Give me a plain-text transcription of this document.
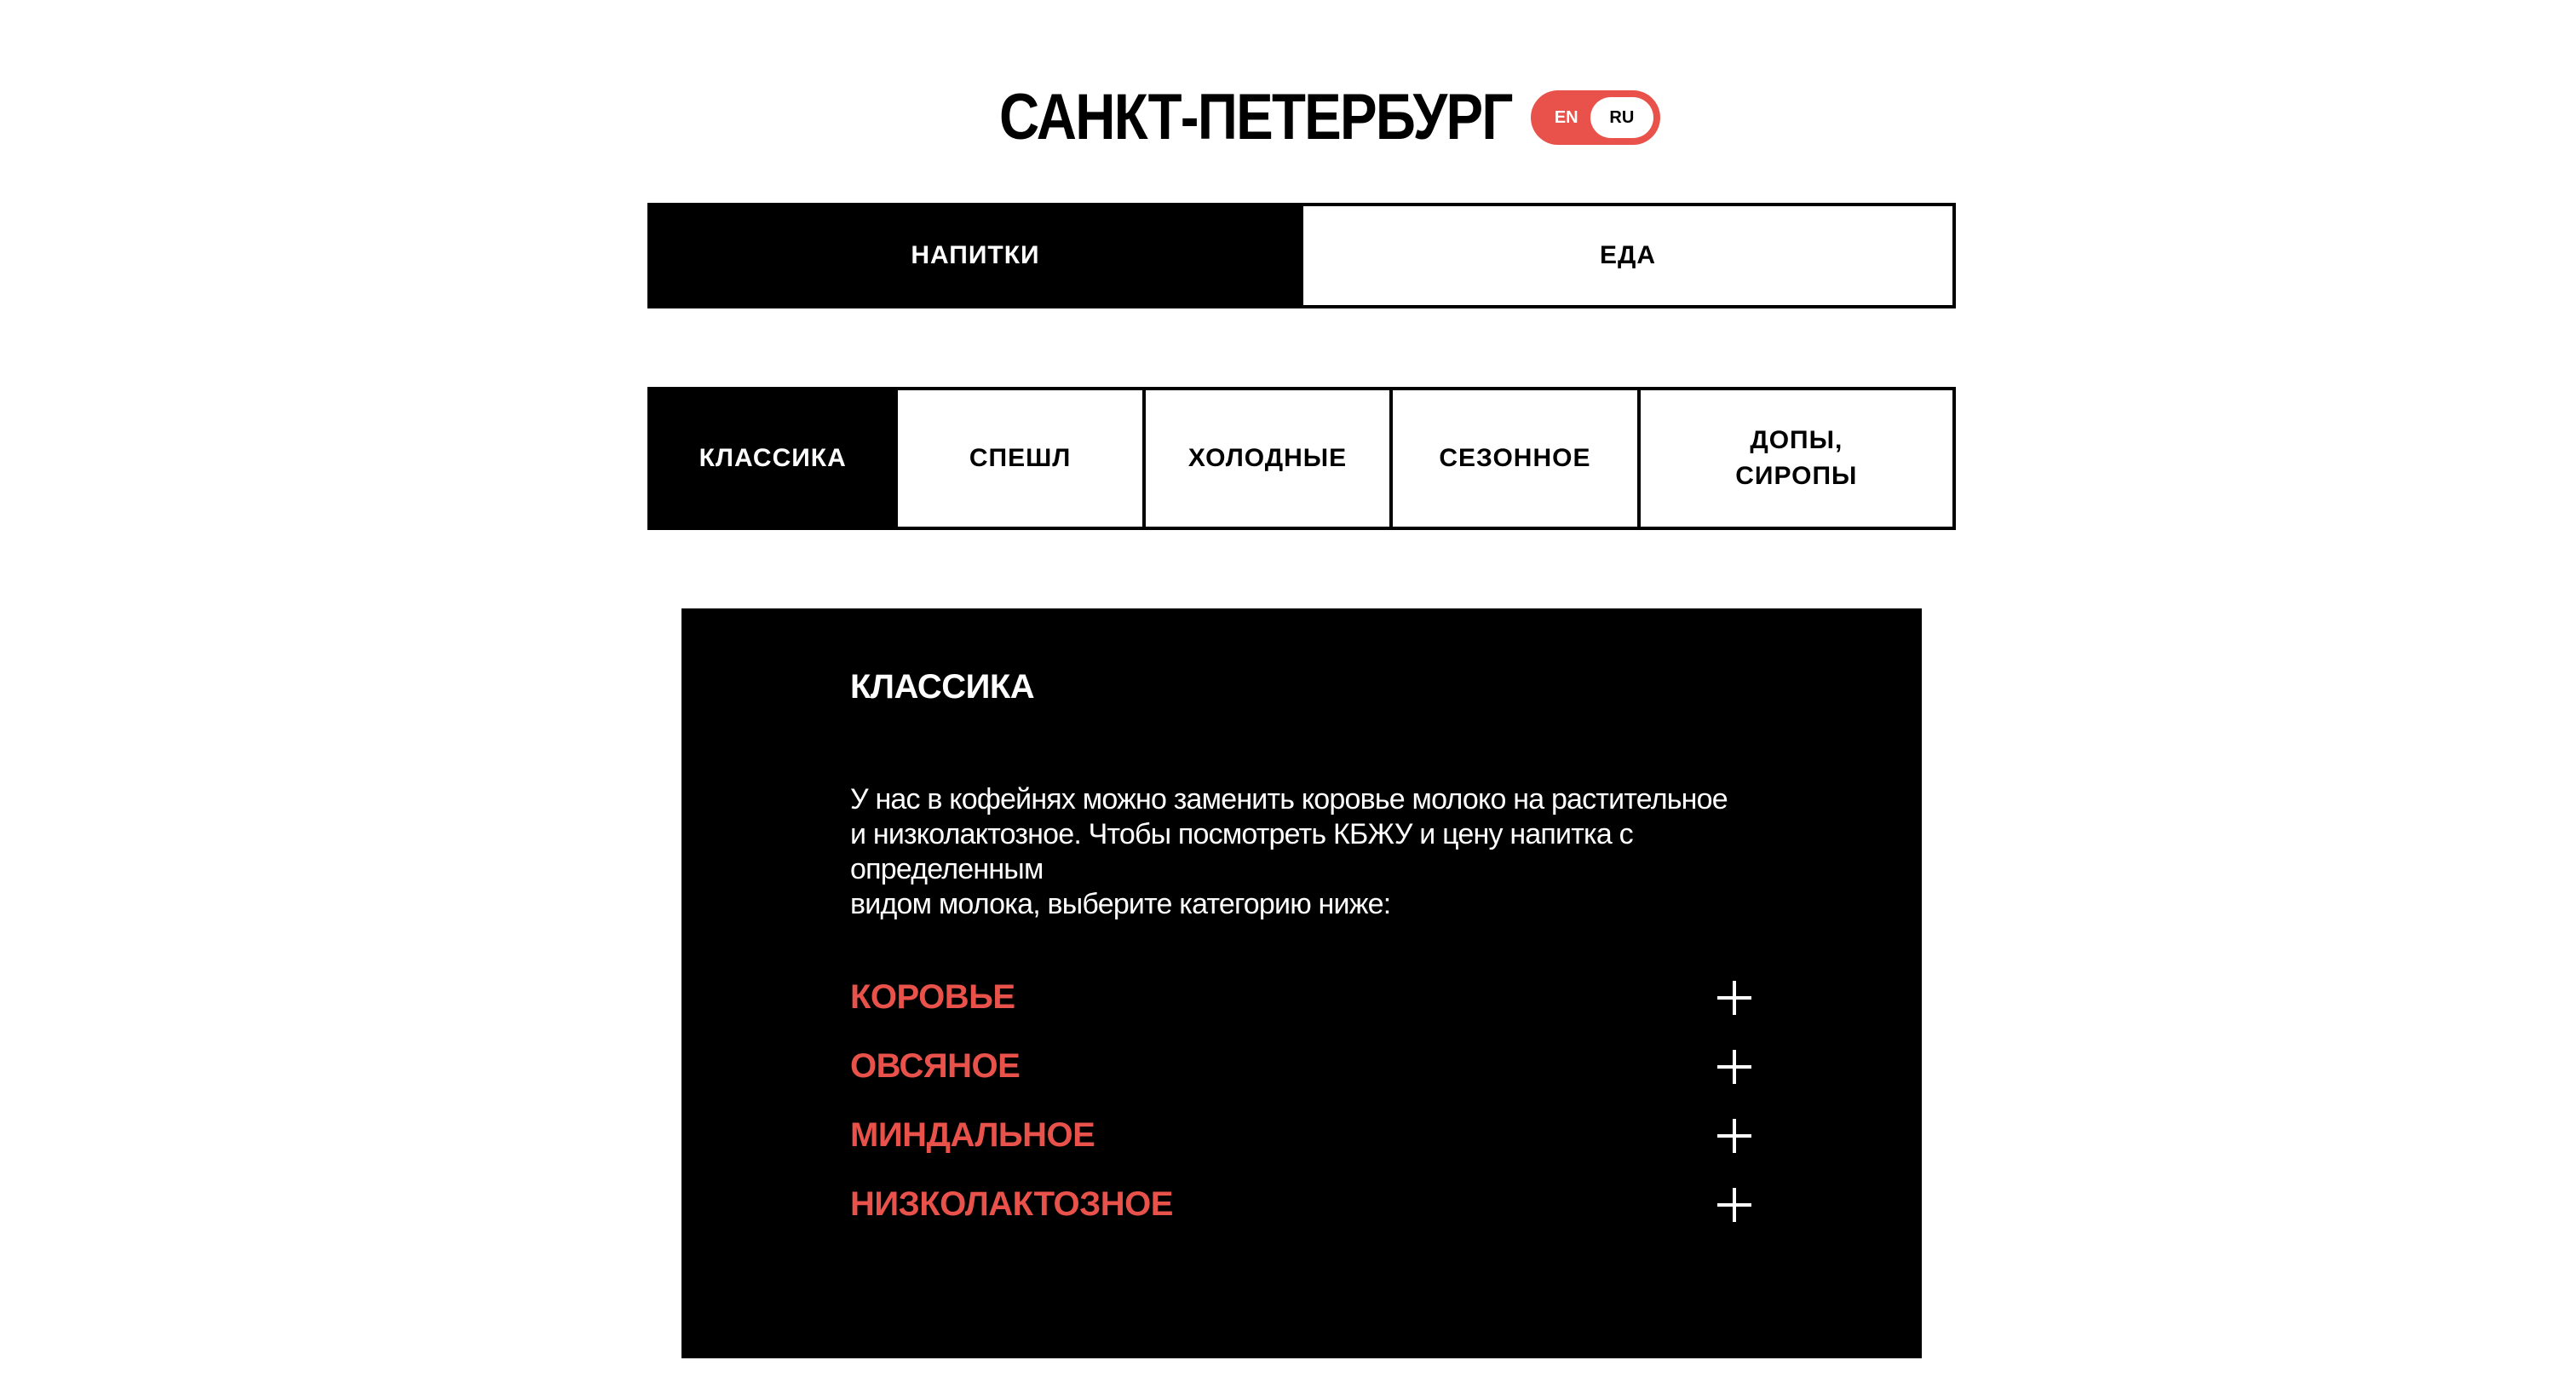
САНКТ-ПЕТЕРБУРГ	EN	RU
НАПИТКИ	ЕДА
КЛАССИКА	СПЕШЛ	ХОЛОДНЫЕ	СЕЗОННОЕ
ДОПЫ, СИРОПЫ
КЛАССИКА
У нас в кофейнях можно заменить коровье молоко на растительное
и низколактозное. Чтобы посмотреть КБЖУ и цену напитка с определенным
видом молока, выберите категорию ниже:
КОРОВЬЕ
ОВСЯНОЕ
МИНДАЛЬНОЕ
НИЗКОЛАКТОЗНОЕ
